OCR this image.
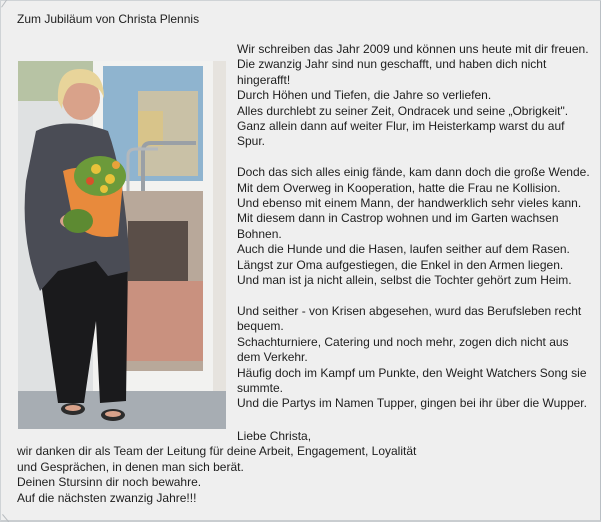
Zum Jubiläum von Christa Plennis
Wir schreiben das Jahr 2009 und können uns heute mit dir freuen.
Die zwanzig Jahr sind nun geschafft, und haben dich nicht
hingerafft!
Durch Höhen und Tiefen, die Jahre so verliefen.
Alles durchlebt zu seiner Zeit, Ondracek und seine „Obrigkeit".
Ganz allein dann auf weiter Flur, im Heisterkamp warst du auf
Spur.
Doch das sich alles einig fände, kam dann doch die große Wende.
Mit dem Overweg in Kooperation, hatte die Frau ne Kollision.
Und ebenso mit einem Mann, der handwerklich sehr vieles kann.
Mit diesem dann in Castrop wohnen und im Garten wachsen
Bohnen.
Auch die Hunde und die Hasen, laufen seither auf dem Rasen.
Längst zur Oma aufgestiegen, die Enkel in den Armen liegen.
Und man ist ja nicht allein, selbst die Tochter gehört zum Heim.
Und seither - von Krisen abgesehen, wurd das Berufsleben recht
bequem.
Schachturniere, Catering und noch mehr, zogen dich nicht aus
dem Verkehr.
Häufig doch im Kampf um Punkte, den Weight Watchers Song sie
summte.
Und die Partys im Namen Tupper, gingen bei ihr über die Wupper.
Liebe Christa,
wir danken dir als Team der Leitung für deine Arbeit, Engagement, Loyalität
und Gesprächen, in denen man sich berät.
Deinen Stursinn dir noch bewahre.
Auf die nächsten zwanzig Jahre!!!
